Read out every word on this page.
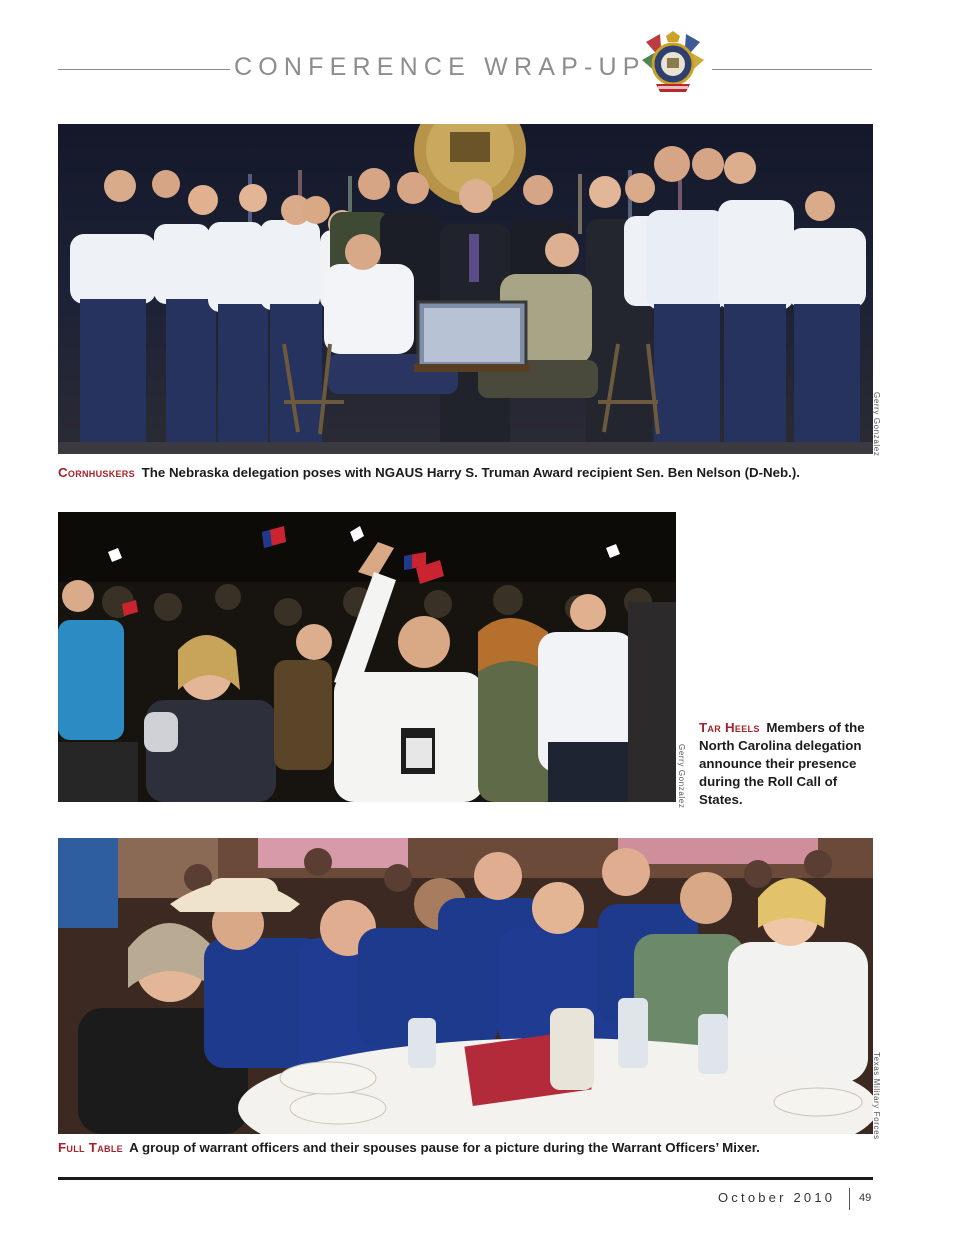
CONFERENCE WRAP-UP
Gerry Gonzalez
Cornhuskers The Nebraska delegation poses with NGAUS Harry S. Truman Award recipient Sen. Ben Nelson (D-Neb.).
Gerry Gonzalez
Tar Heels Members of the North Carolina delegation announce their presence during the Roll Call of States.
Texas Military Forces
Full Table A group of warrant officers and their spouses pause for a picture during the Warrant Officers’ Mixer.
October 2010 49
